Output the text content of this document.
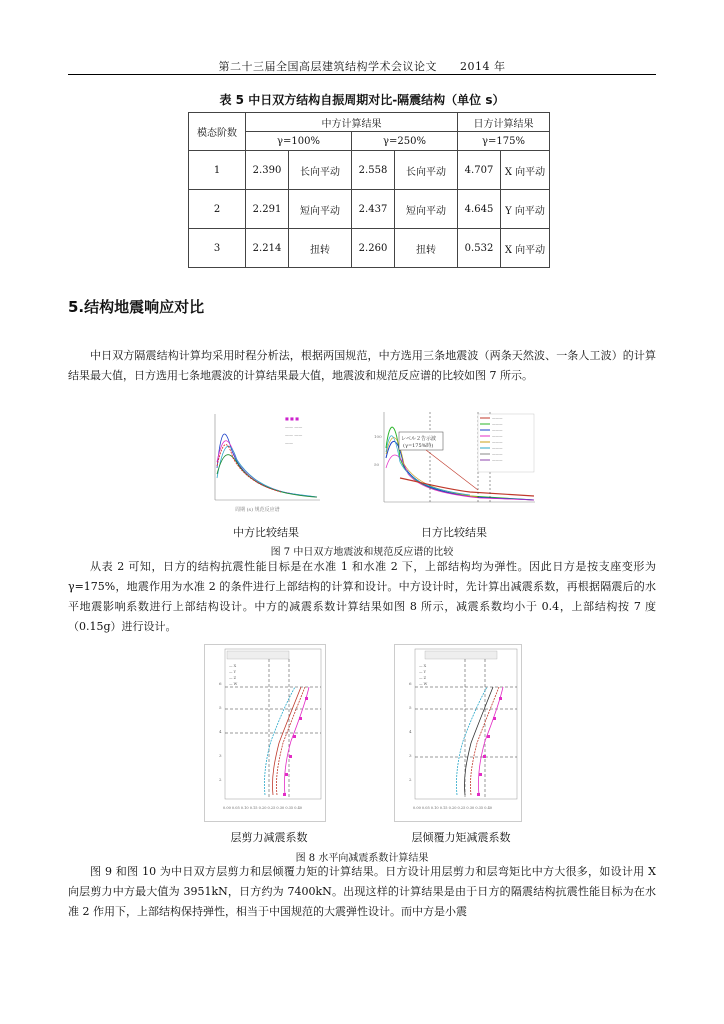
第二十三届全国高层建筑结构学术会议论文　　2014 年
表 5 中日双方结构自振周期对比-隔震结构（单位 s）
模态阶数	中方计算结果				日方计算结果	
	γ=100%		γ=250%		γ=175%	
1	2.390	长向平动	2.558	长向平动	4.707	X 向平动
2	2.291	短向平动	2.437	短向平动	4.645	Y 向平动
3	2.214	扭转	2.260	扭转	0.532	X 向平动
5.结构地震响应对比

中日双方隔震结构计算均采用时程分析法，根据两国规范，中方选用三条地震波（两条天然波、一条人工波）的计算结果最大值，日方选用七条地震波的计算结果最大值，地震波和规范反应谱的比较如图 7 所示。

■ ■ ■
—— ——
—— ——
——
周期 (s) 规范反应谱
100
50
レベル２告示波
(γ=175%時)
———
———
———
———
———
———
———
———
中方比较结果	日方比较结果
图 7 中日双方地震波和规范反应谱的比较

从表 2 可知，日方的结构抗震性能目标是在水准 1 和水准 2 下，上部结构均为弹性。因此日方是按支座变形为γ=175%，地震作用为水准 2 的条件进行上部结构的计算和设计。中方设计时，先计算出减震系数，再根据隔震后的水平地震影响系数进行上部结构设计。中方的减震系数计算结果如图 8 所示，减震系数均小于 0.4，上部结构按 7 度（0.15g）进行设计。

6
5
4
3
2
— X
— Y
— Z
— W
0.00 0.05 0.10 0.15 0.20 0.25 0.30 0.35 0.40
6
5
4
3
2
— X
— Y
— Z
— W
0.00 0.05 0.10 0.15 0.20 0.25 0.30 0.35 0.40
层剪力减震系数	层倾覆力矩减震系数
图 8 水平向减震系数计算结果

图 9 和图 10 为中日双方层剪力和层倾覆力矩的计算结果。日方设计用层剪力和层弯矩比中方大很多，如设计用 X 向层剪力中方最大值为 3951kN，日方约为 7400kN。出现这样的计算结果是由于日方的隔震结构抗震性能目标为在水准 2 作用下，上部结构保持弹性，相当于中国规范的大震弹性设计。而中方是小震
